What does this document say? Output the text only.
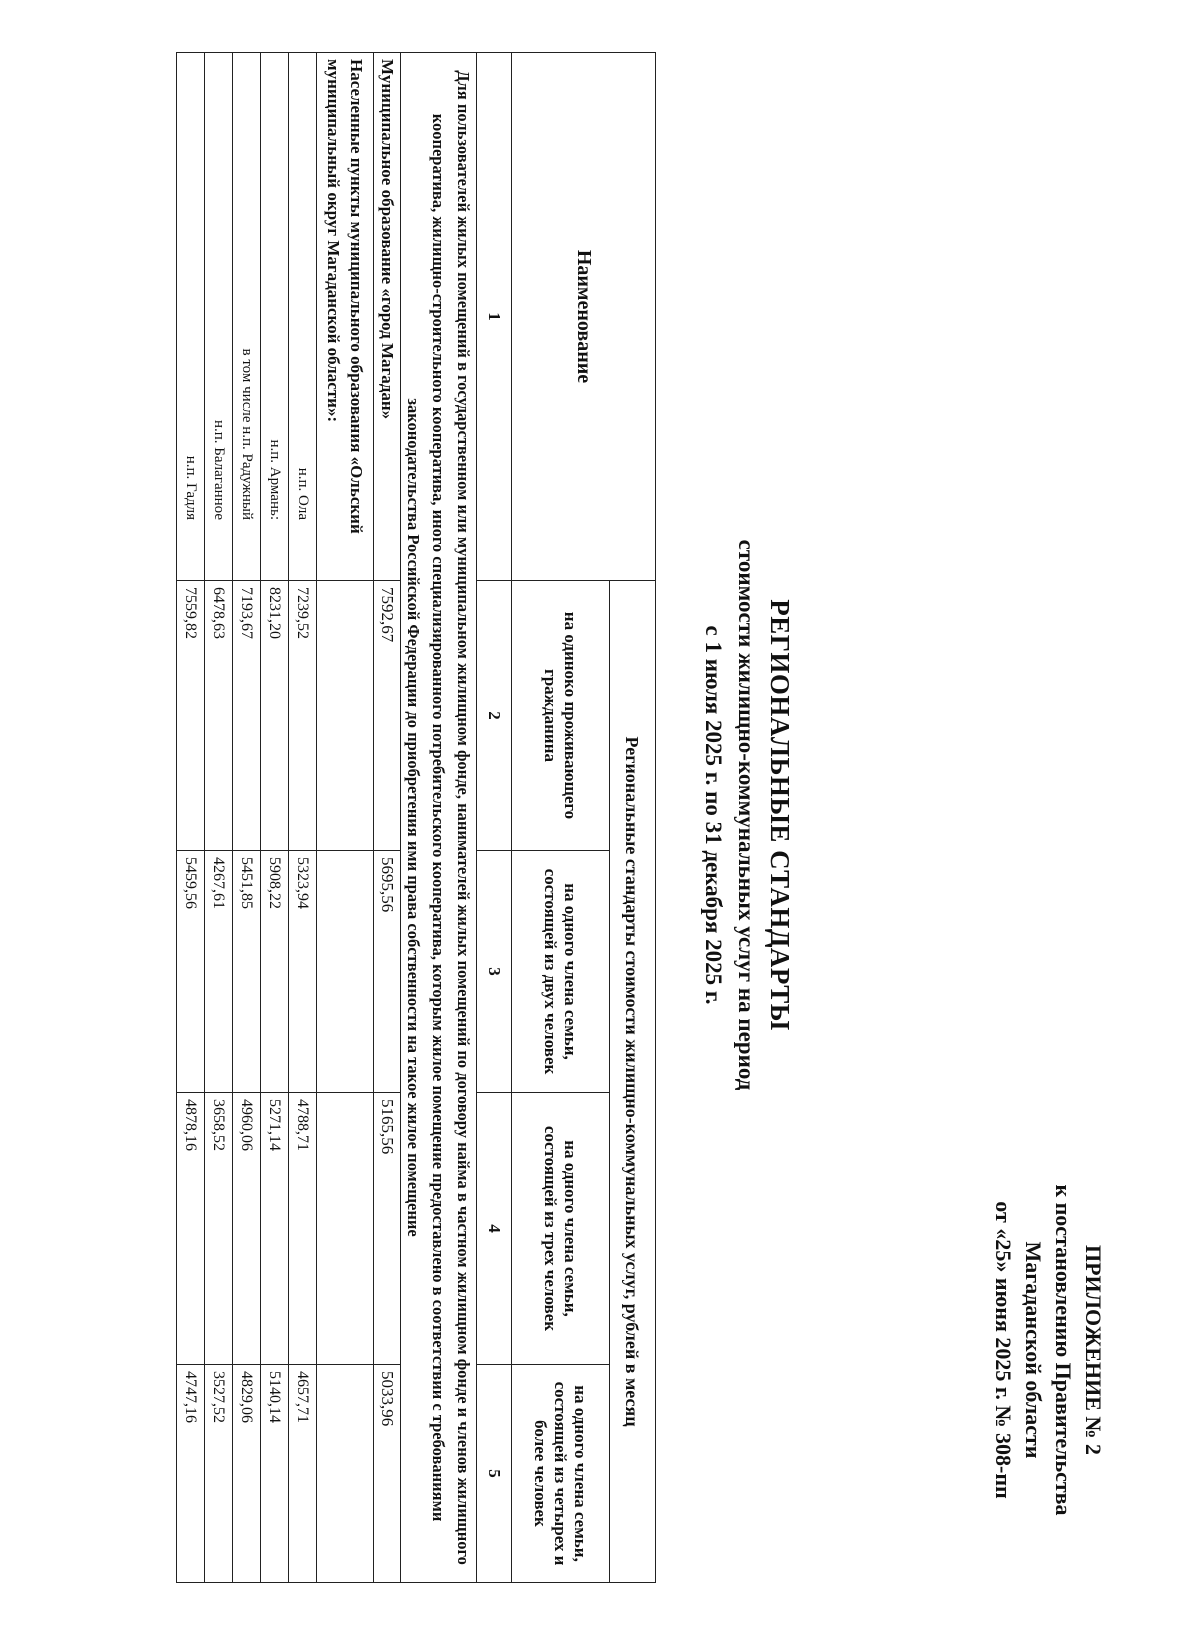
ПРИЛОЖЕНИЕ № 2
к постановлению Правительства
Магаданской области
от «25» июня 2025 г. № 308-пп
РЕГИОНАЛЬНЫЕ СТАНДАРТЫ
стоимости жилищно-коммунальных услуг на период
с 1 июля 2025 г. по 31 декабря 2025 г.
Наименование	Региональные стандарты стоимости жилищно-коммунальных услуг, рублей в месяц			
	на одиноко проживающего гражданина	на одного члена семьи, состоящей из двух человек	на одного члена семьи, состоящей из трех человек	на одного члена семьи, состоящей из четырех и более человек
1	2	3	4	5
Для пользователей жилых помещений в государственном или муниципальном жилищном фонде, нанимателей жилых помещений по договору найма в частном жилищном фонде и членов жилищного кооператива, жилищно-строительного кооператива, иного специализированного потребительского кооператива, которым жилое помещение предоставлено в соответствии с требованиями законодательства Российской Федерации до приобретения ими права собственности на такое жилое помещение				
Муниципальное образование «город Магадан»	7592,67	5695,56	5165,56	5033,96
Населенные пункты муниципального образования «Ольский муниципальный округ Магаданской области»:				
н.п. Ола	7239,52	5323,94	4788,71	4657,71
н.п. Армань:	8231,20	5908,22	5271,14	5140,14
в том числе н.п. Радужный	7193,67	5451,85	4960,06	4829,06
н.п. Балаганное	6478,63	4267,61	3658,52	3527,52
н.п. Гадля	7559,82	5459,56	4878,16	4747,16
